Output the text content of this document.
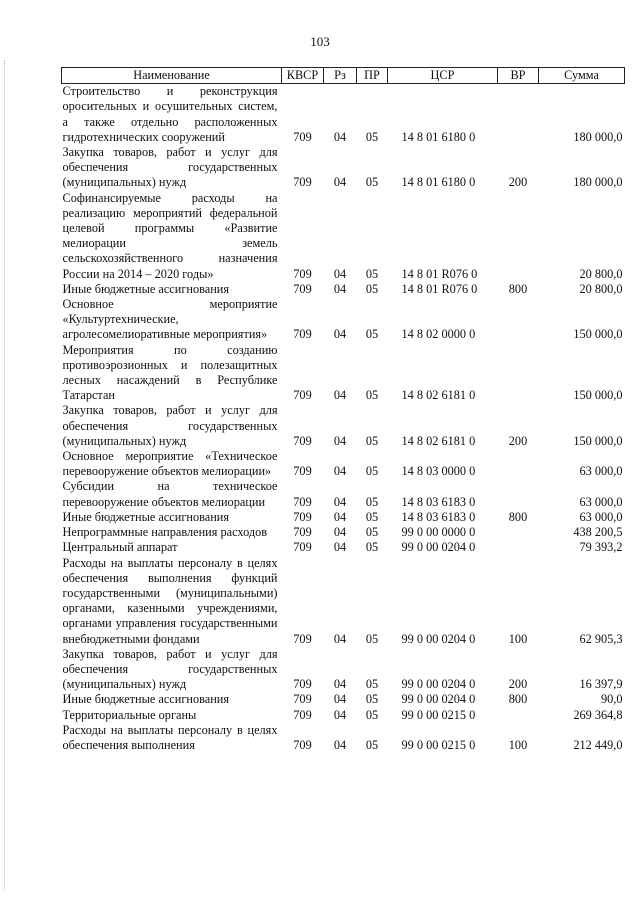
103
Наименование	КВСР	Рз	ПР	ЦСР	ВР	Сумма
Строительство и реконструкция оросительных и осушительных систем, а также отдельно расположенных гидротехнических сооружений	709	04	05	14 8 01 6180 0		180 000,0
Закупка товаров, работ и услуг для обеспечения государственных (муниципальных) нужд	709	04	05	14 8 01 6180 0	200	180 000,0
Софинансируемые расходы на реализацию мероприятий федеральной целевой программы «Развитие мелиорации земель сельскохозяйственного назначения России на 2014 – 2020 годы»	709	04	05	14 8 01 R076 0		20 800,0
Иные бюджетные ассигнования	709	04	05	14 8 01 R076 0	800	20 800,0
Основное мероприятие «Культуртехнические, агролесомелиоративные мероприятия»	709	04	05	14 8 02 0000 0		150 000,0
Мероприятия по созданию противоэрозионных и полезащитных лесных насаждений в Республике Татарстан	709	04	05	14 8 02 6181 0		150 000,0
Закупка товаров, работ и услуг для обеспечения государственных (муниципальных) нужд	709	04	05	14 8 02 6181 0	200	150 000,0
Основное мероприятие «Техническое перевооружение объектов мелиорации»	709	04	05	14 8 03 0000 0		63 000,0
Субсидии на техническое перевооружение объектов мелиорации	709	04	05	14 8 03 6183 0		63 000,0
Иные бюджетные ассигнования	709	04	05	14 8 03 6183 0	800	63 000,0
Непрограммные направления расходов	709	04	05	99 0 00 0000 0		438 200,5
Центральный аппарат	709	04	05	99 0 00 0204 0		79 393,2
Расходы на выплаты персоналу в целях обеспечения выполнения функций государственными (муниципальными) органами, казенными учреждениями, органами управления государственными внебюджетными фондами	709	04	05	99 0 00 0204 0	100	62 905,3
Закупка товаров, работ и услуг для обеспечения государственных (муниципальных) нужд	709	04	05	99 0 00 0204 0	200	16 397,9
Иные бюджетные ассигнования	709	04	05	99 0 00 0204 0	800	90,0
Территориальные органы	709	04	05	99 0 00 0215 0		269 364,8
Расходы на выплаты персоналу в целях обеспечения выполнения	709	04	05	99 0 00 0215 0	100	212 449,0
